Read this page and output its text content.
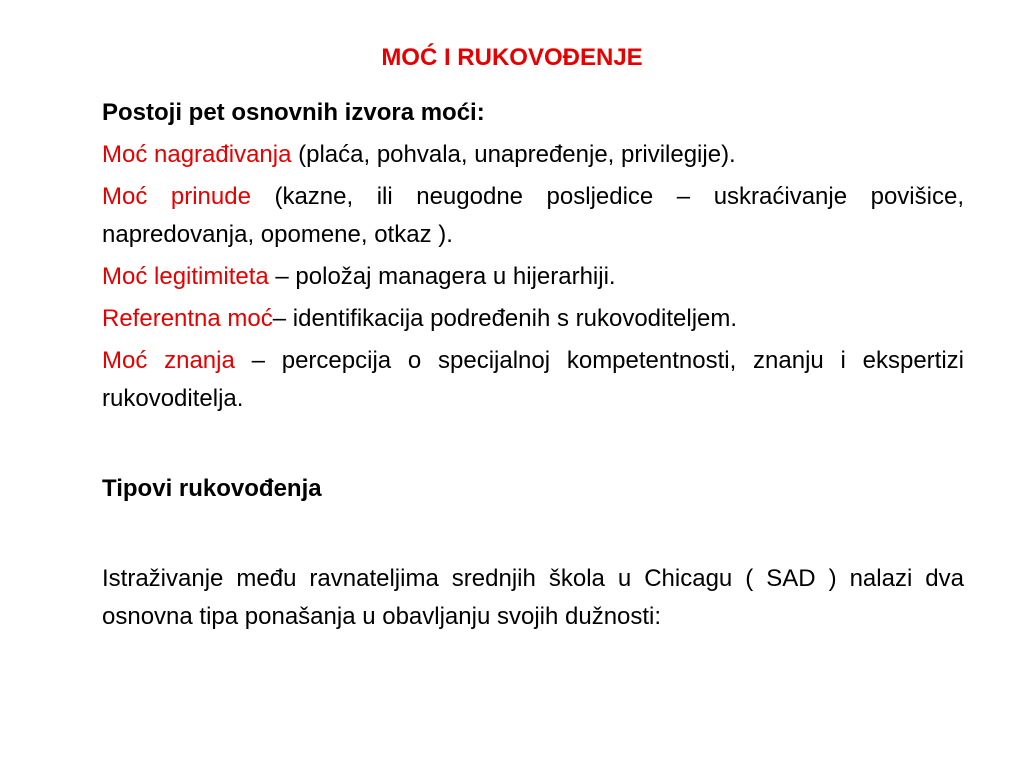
MOĆ I RUKOVOĐENJE

Postoji pet osnovnih izvora moći:

Moć nagrađivanja (plaća, pohvala, unapređenje, privilegije).

Moć prinude (kazne, ili neugodne posljedice – uskraćivanje povišice, napredovanja, opomene, otkaz ).

Moć legitimiteta – položaj managera u hijerarhiji.

Referentna moć– identifikacija podređenih s rukovoditeljem.

Moć znanja – percepcija o specijalnoj kompetentnosti, znanju i ekspertizi rukovoditelja.

Tipovi rukovođenja

Istraživanje među ravnateljima srednjih škola u Chicagu ( SAD ) nalazi dva osnovna tipa ponašanja u obavljanju svojih dužnosti:
